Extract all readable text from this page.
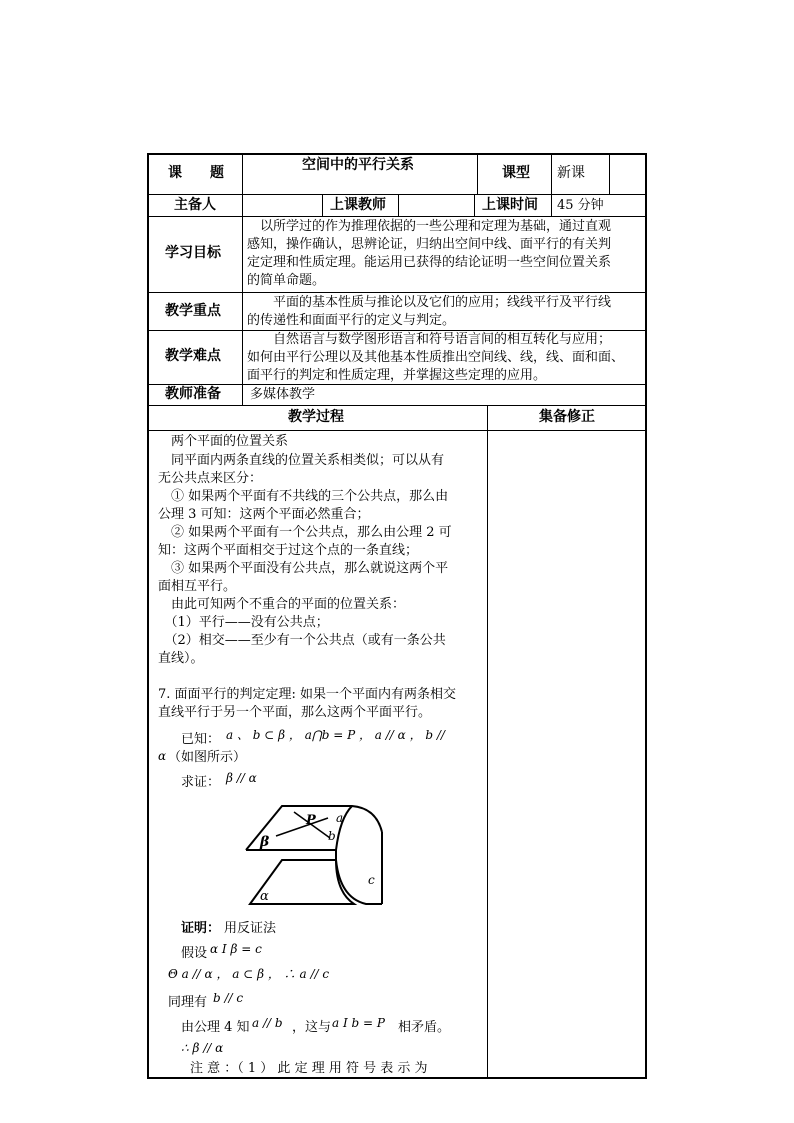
课　　题	空间中的平行关系	课型 新课
主备人	上课教师	上课时间 45 分钟
学习目标
　以所学过的作为推理依据的一些公理和定理为基础，通过直观
感知，操作确认，思辨论证，归纳出空间中线、面平行的有关判
定定理和性质定理。能运用已获得的结论证明一些空间位置关系
的简单命题。
教学重点
　　平面的基本性质与推论以及它们的应用；线线平行及平行线
的传递性和面面平行的定义与判定。
教学难点
　　自然语言与数学图形语言和符号语言间的相互转化与应用；
如何由平行公理以及其他基本性质推出空间线、线，线、面和面、
面平行的判定和性质定理，并掌握这些定理的应用。
教师准备 多媒体教学
教学过程	集备修正
　两个平面的位置关系
　同平面内两条直线的位置关系相类似；可以从有
无公共点来区分：
　① 如果两个平面有不共线的三个公共点，那么由
公理 3 可知：这两个平面必然重合；
　② 如果两个平面有一个公共点，那么由公理 2 可
知：这两个平面相交于过这个点的一条直线；
　③ 如果两个平面没有公共点，那么就说这两个平
面相互平行。
　由此可知两个不重合的平面的位置关系：
　（1）平行——没有公共点；
　（2）相交——至少有一个公共点（或有一条公共
直线）。
7. 面面平行的判定定理: 如果一个平面内有两条相交
直线平行于另一个平面，那么这两个平面平行。
已知： a 、 b ⊂ β ， a⋂b = P ， a // α ， b //
α （如图所示）
求证： β // α
β
P a
b
c
α
证明： 用反证法
假设 α I β = c
Θ a // α ， a ⊂ β ， ∴ a // c
同理有 b // c
由公理 4 知 a // b ，这与 a I b = P 相矛盾。
∴ β // α
注 意 ：（ 1 ） 此 定 理 用 符 号 表 示 为
